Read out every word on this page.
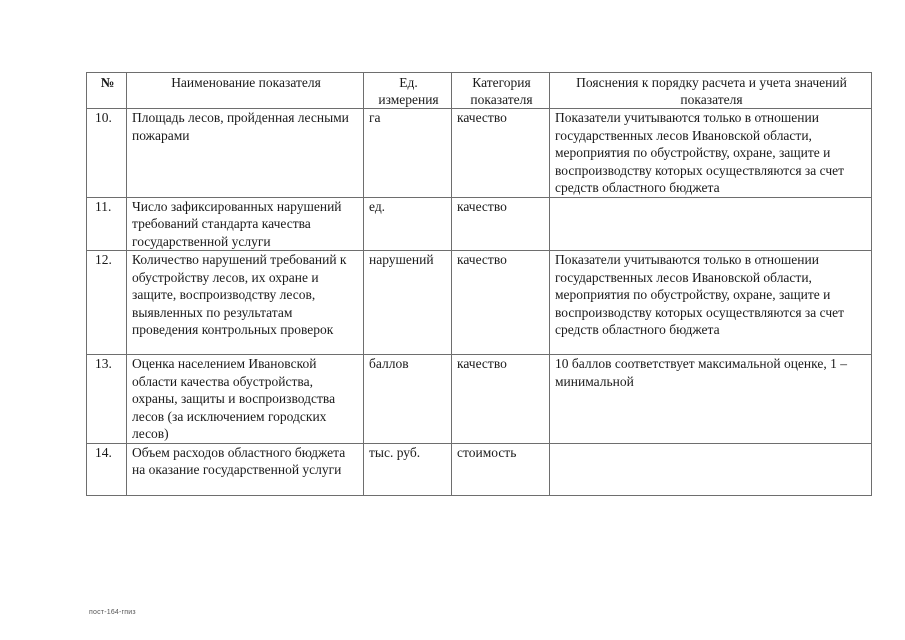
№	Наименование показателя	Ед. измерения	Категория показателя	Пояснения к порядку расчета и учета значений показателя
10.	Площадь лесов, пройденная лесными пожарами	га	качество	Показатели учитываются только в отношении государственных лесов Ивановской области, мероприятия по обустройству, охране, защите и воспроизводству которых осуществляются за счет средств областного бюджета
11.	Число зафиксированных нарушений требований стандарта качества государственной услуги	ед.	качество	
12.	Количество нарушений требований к обустройству лесов, их охране и защите, воспроизводству лесов, выявленных по результатам проведения контрольных проверок	нарушений	качество	Показатели учитываются только в отношении государственных лесов Ивановской области, мероприятия по обустройству, охране, защите и воспроизводству которых осуществляются за счет средств областного бюджета
13.	Оценка населением Ивановской области качества обустройства, охраны, защиты и воспроизводства лесов (за исключением городских лесов)	баллов	качество	10 баллов соответствует максимальной оценке, 1 – минимальной
14.	Объем расходов областного бюджета на оказание государственной услуги	тыс. руб.	стоимость	
пост-164-гпиз
